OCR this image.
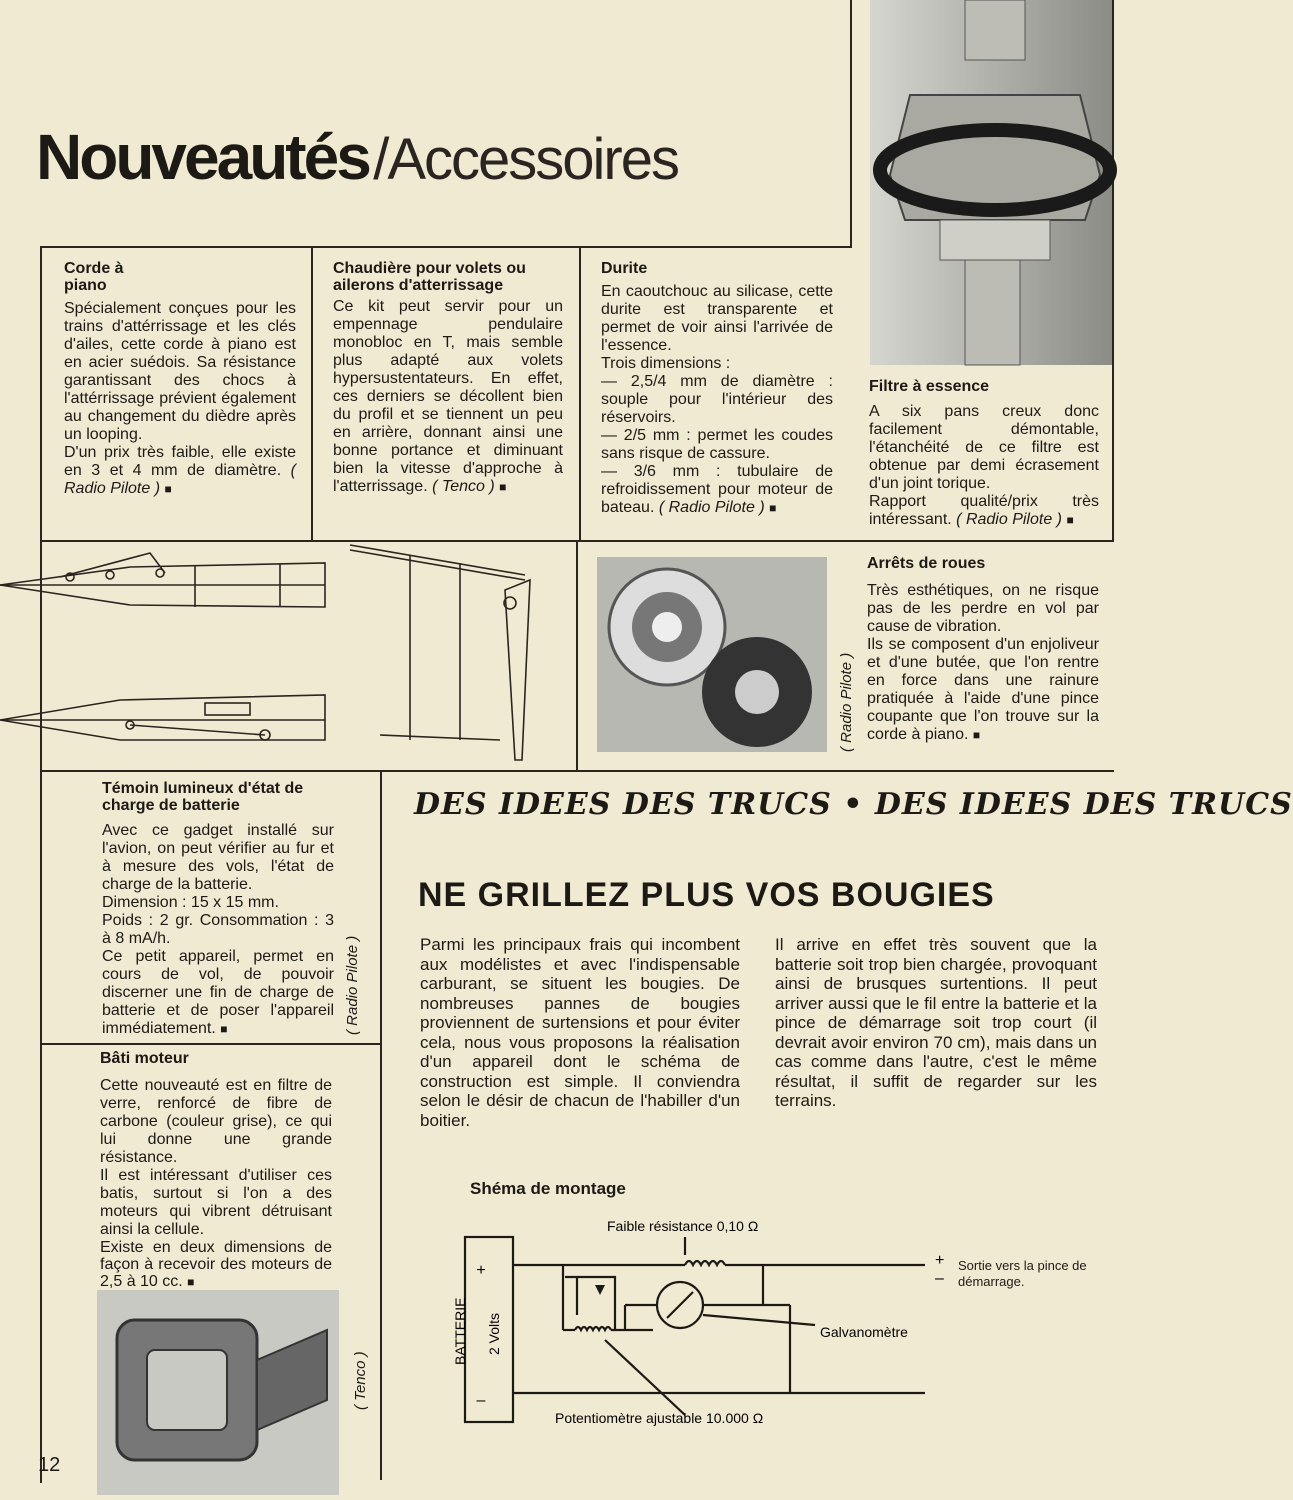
Nouveautés /Accessoires
Corde à piano

Spécialement conçues pour les trains d'attérrissage et les clés d'ailes, cette corde à piano est en acier suédois. Sa résistance garantissant des chocs à l'attérrissage prévient également au changement du dièdre après un looping.

D'un prix très faible, elle existe en 3 et 4 mm de diamètre. ( Radio Pilote ) ■

Chaudière pour volets ou ailerons d'atterrissage

Ce kit peut servir pour un empennage pendulaire monobloc en T, mais semble plus adapté aux volets hypersustentateurs. En effet, ces derniers se décollent bien du profil et se tiennent un peu en arrière, donnant ainsi une bonne portance et diminuant bien la vitesse d'approche à l'atterrissage. ( Tenco ) ■

Durite

En caoutchouc au silicase, cette durite est transparente et permet de voir ainsi l'arrivée de l'essence.

Trois dimensions :

— 2,5/4 mm de diamètre : souple pour l'intérieur des réservoirs.

— 2/5 mm : permet les coudes sans risque de cassure.

— 3/6 mm : tubulaire de refroidissement pour moteur de bateau. ( Radio Pilote ) ■

Filtre à essence

A six pans creux donc facilement démontable, l'étanchéité de ce filtre est obtenue par demi écrasement d'un joint torique.

Rapport qualité/prix très intéressant. ( Radio Pilote ) ■

( Radio Pilote )
Arrêts de roues

Très esthétiques, on ne risque pas de les perdre en vol par cause de vibration.

Ils se composent d'un enjoliveur et d'une butée, que l'on rentre en force dans une rainure pratiquée à l'aide d'une pince coupante que l'on trouve sur la corde à piano. ■

Témoin lumineux d'état de charge de batterie

Avec ce gadget installé sur l'avion, on peut vérifier au fur et à mesure des vols, l'état de charge de la batterie.

Dimension : 15 x 15 mm.

Poids : 2 gr. Consommation : 3 à 8 mA/h.

Ce petit appareil, permet en cours de vol, de pouvoir discerner une fin de charge de batterie et de poser l'appareil immédiatement. ■	( Radio Pilote )
Bâti moteur

Cette nouveauté est en filtre de verre, renforcé de fibre de carbone (couleur grise), ce qui lui donne une grande résistance.

Il est intéressant d'utiliser ces batis, surtout si l'on a des moteurs qui vibrent détruisant ainsi la cellule.

Existe en deux dimensions de façon à recevoir des moteurs de 2,5 à 10 cc. ■

( Tenco )
DES IDEES DES TRUCS • DES IDEES DES TRUCS
NE GRILLEZ PLUS VOS BOUGIES
Parmi les principaux frais qui incombent aux modélistes et avec l'indispensable carburant, se situent les bougies. De nombreuses pannes de bougies proviennent de surtensions et pour éviter cela, nous vous proposons la réalisation d'un appareil dont le schéma de construction est simple. Il conviendra selon le désir de chacun de l'habiller d'un boitier.
Il arrive en effet très souvent que la batterie soit trop bien chargée, provoquant ainsi de brusques surtentions. Il peut arriver aussi que le fil entre la batterie et la pince de démarrage soit trop court (il devrait avoir environ 70 cm), mais dans un cas comme dans l'autre, c'est le même résultat, il suffit de regarder sur les terrains.
Shéma de montage
+
–
+
–
Faible résistance 0,10 Ω
Galvanomètre
Potentiomètre ajustable 10.000 Ω
BATTERIE 2 Volts
Sortie vers la pince de démarrage.
12
